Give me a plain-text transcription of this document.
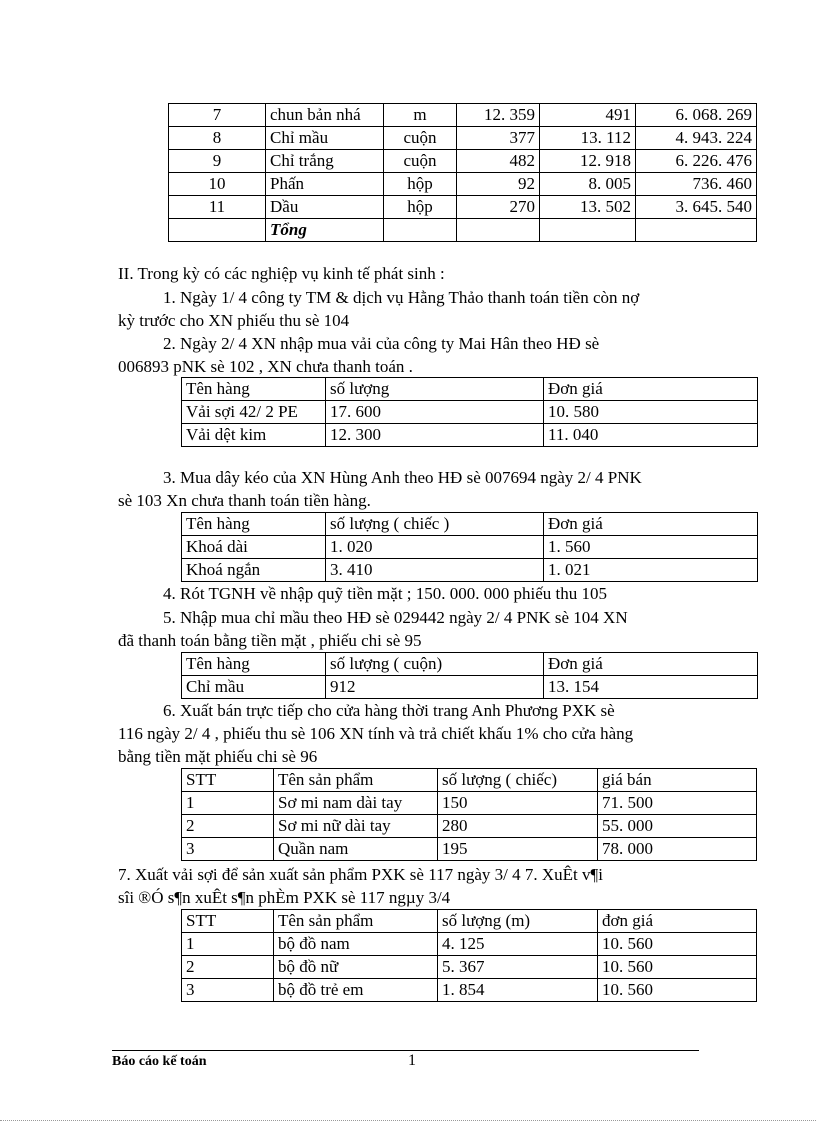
7	chun bản nhá	m	12. 359	491	6. 068. 269
8	Chỉ mầu	cuộn	377	13. 112	4. 943. 224
9	Chỉ trắng	cuộn	482	12. 918	6. 226. 476
10	Phấn	hộp	92	8. 005	736. 460
11	Dầu	hộp	270	13. 502	3. 645. 540
	Tổng				

II. Trong kỳ có các nghiệp vụ kinh tế phát sinh :

1. Ngày 1/ 4 công ty TM & dịch vụ Hằng Thảo thanh toán tiền còn nợ

kỳ trước cho XN phiếu thu sè 104

2. Ngày 2/ 4 XN nhập mua vải của công ty Mai Hân theo HĐ sè

006893 pNK sè 102 , XN chưa thanh toán .

Tên hàng	số lượng	Đơn giá
Vải sợi 42/ 2 PE	17. 600	10. 580
Vải dệt kim	12. 300	11. 040

3. Mua dây kéo của XN Hùng Anh theo HĐ sè 007694 ngày 2/ 4 PNK

sè 103 Xn chưa thanh toán tiền hàng.

Tên hàng	số lượng ( chiếc )	Đơn giá
Khoá dài	1. 020	1. 560
Khoá ngắn	3. 410	1. 021

4. Rót TGNH về nhập quỹ tiền mặt ; 150. 000. 000 phiếu thu 105

5. Nhập mua chỉ mầu theo HĐ sè 029442 ngày 2/ 4 PNK sè 104 XN

đã thanh toán bằng tiền mặt , phiếu chi sè 95

Tên hàng	số lượng ( cuộn)	Đơn giá
Chỉ mầu	912	13. 154

6. Xuất bán trực tiếp cho cửa hàng thời trang Anh Phương PXK sè

116 ngày 2/ 4 , phiếu thu sè 106 XN tính và trả chiết khấu 1% cho cửa hàng

bằng tiền mặt phiếu chi sè 96

STT	Tên sản phẩm	số lượng ( chiếc)	giá bán
1	Sơ mi nam dài tay	150	71. 500
2	Sơ mi nữ dài tay	280	55. 000
3	Quần nam	195	78. 000

7. Xuất vải sợi để sản xuất sản phẩm PXK sè 117 ngày 3/ 4 7. XuÊt v¶i

sîi ®Ó s¶n xuÊt s¶n phÈm PXK sè 117 ngµy 3/4

STT	Tên sản phẩm	số lượng (m)	đơn giá
1	bộ đồ nam	4. 125	10. 560
2	bộ đồ nữ	5. 367	10. 560
3	bộ đồ trẻ em	1. 854	10. 560
Báo cáo kế toán	1
